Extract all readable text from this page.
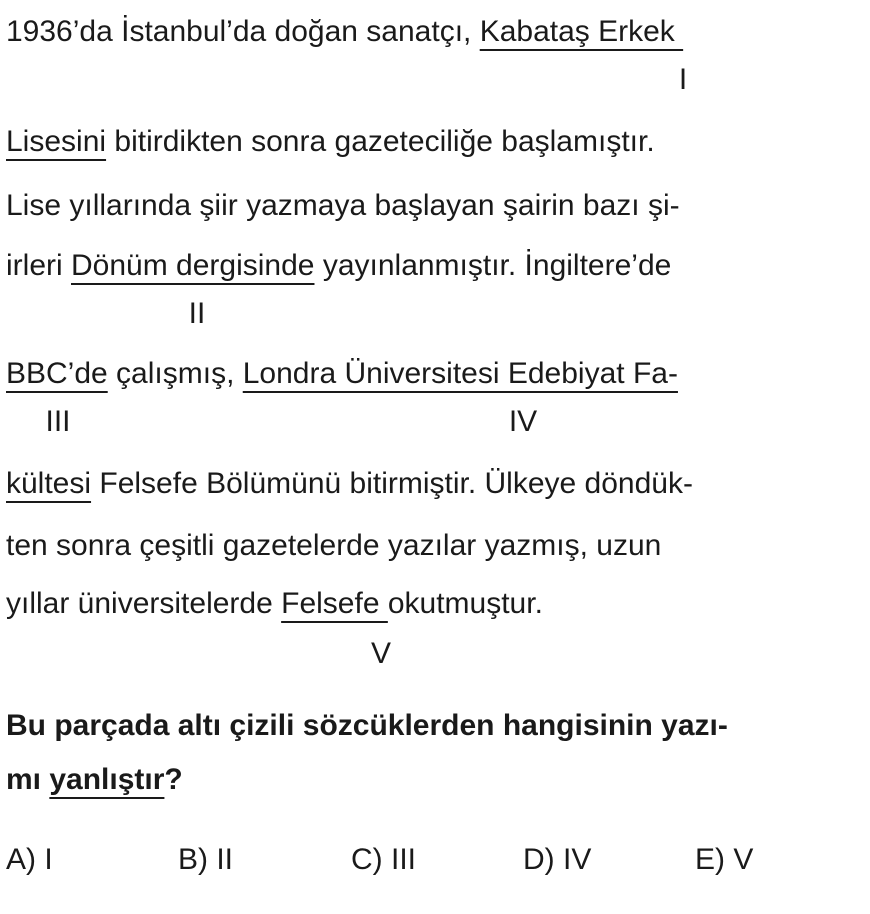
1936’da İstanbul’da doğan sanatçı, Kabataş Erkek
I
Lisesini bitirdikten sonra gazeteciliğe başlamıştır.
Lise yıllarında şiir yazmaya başlayan şairin bazı şi-
irleri Dönüm dergisinde yayınlanmıştır. İngiltere’de
II
BBC’de çalışmış, Londra Üniversitesi Edebiyat Fa-
III	IV
kültesi Felsefe Bölümünü bitirmiştir. Ülkeye döndük-
ten sonra çeşitli gazetelerde yazılar yazmış, uzun
yıllar üniversitelerde Felsefe okutmuştur.
V
Bu parçada altı çizili sözcüklerden hangisinin yazı-
mı yanlıştır?
A) I	B) II	C) III	D) IV	E) V
